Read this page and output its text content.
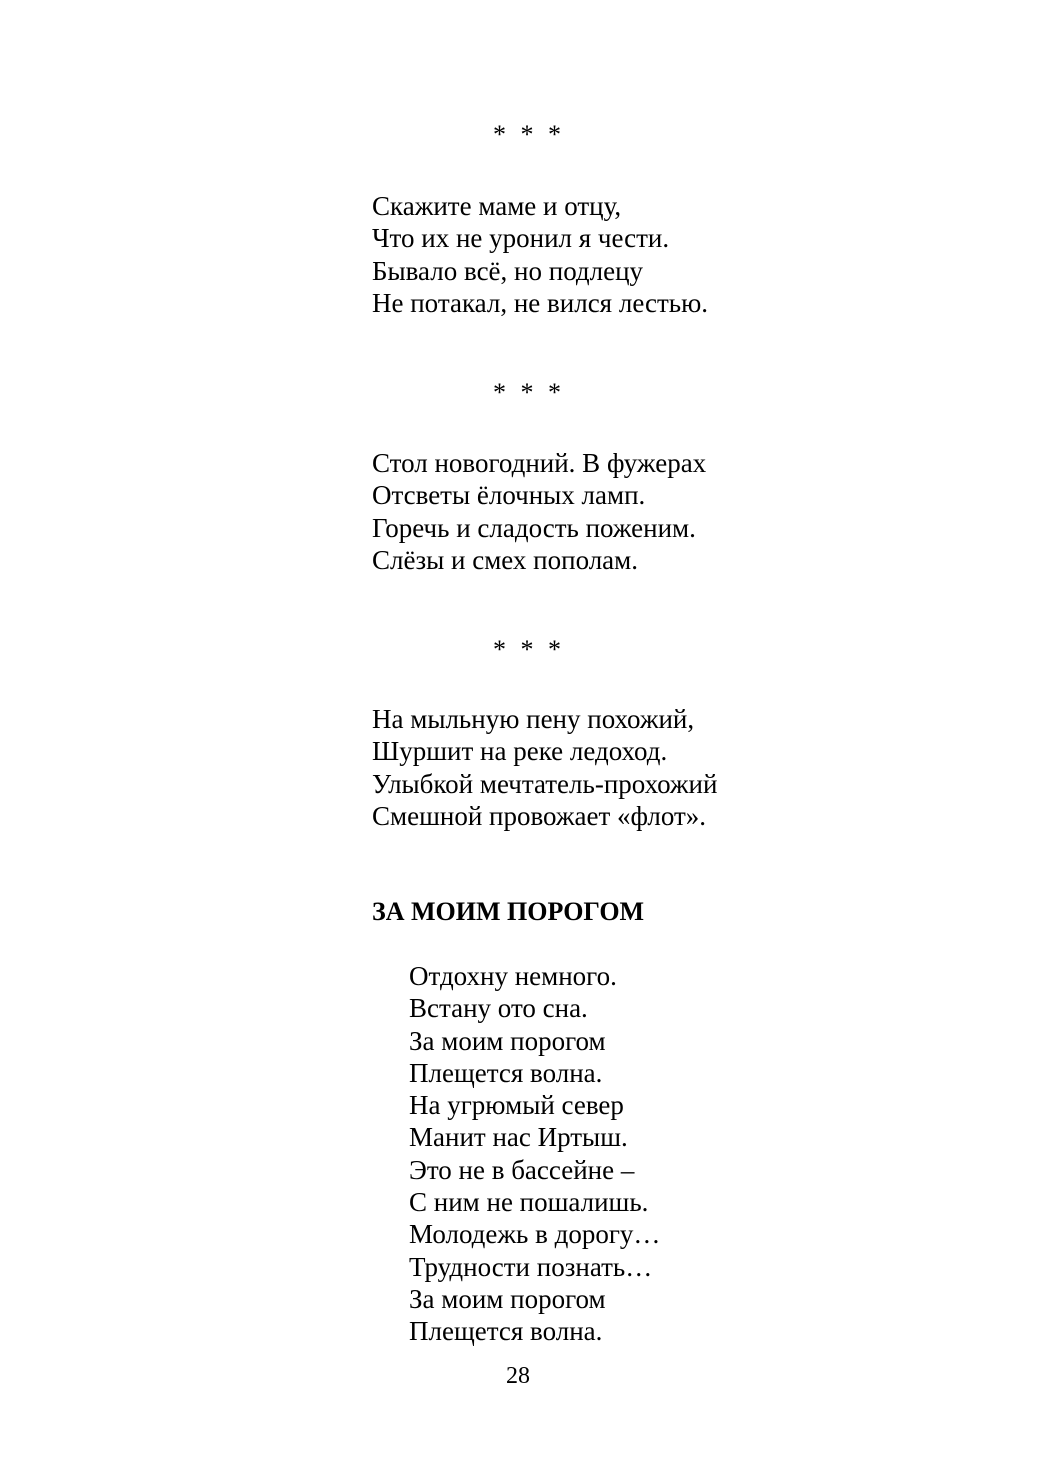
* * *

Скажите маме и отцу,
Что их не уронил я чести.
Бывало всё, но подлецу
Не потакал, не вился лестью.

* * *

Стол новогодний. В фужерах
Отсветы ёлочных ламп.
Горечь и сладость поженим.
Слёзы и смех пополам.

* * *

На мыльную пену похожий,
Шуршит на реке ледоход.
Улыбкой мечтатель-прохожий
Смешной провожает «флот».
ЗА МОИМ ПОРОГОМ
Отдохну немного.
Встану ото сна.
За моим порогом
Плещется волна.
На угрюмый север
Манит нас Иртыш.
Это не в бассейне –
С ним не пошалишь.
Молодежь в дорогу…
Трудности познать…
За моим порогом
Плещется волна.

28
